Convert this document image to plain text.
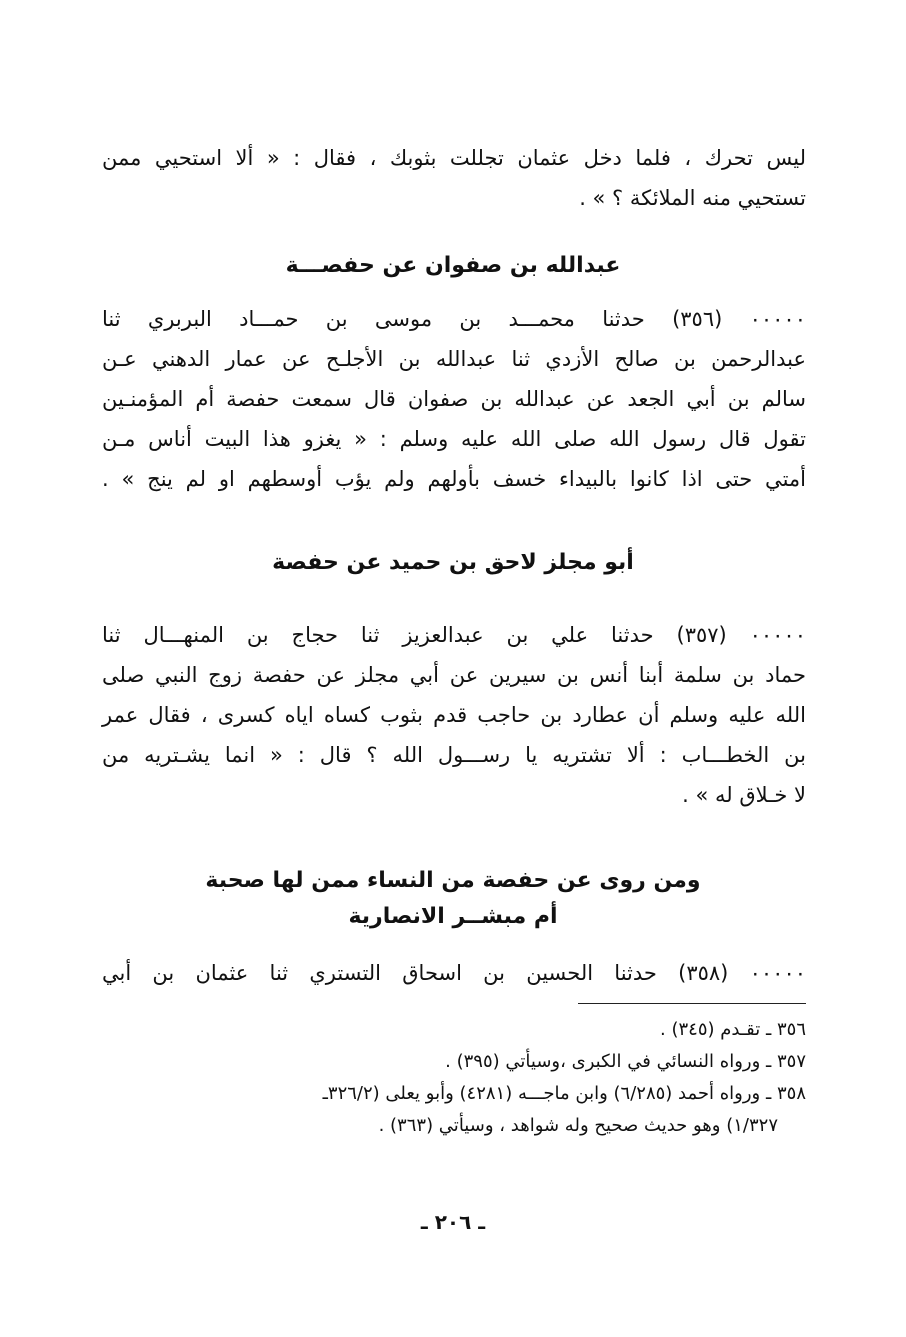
ليس تحرك ، فلما دخل عثمان تجللت بثوبك ، فقال : « ألا استحيي ممن
تستحيي منه الملائكة ؟ » .
عبدالله بن صفوان عن حفصـــة
٠٠٠٠٠ (٣٥٦) حدثنا محمـــد بن موسى بن حمـــاد البربري ثنا
عبدالرحمن بن صالح الأزدي ثنا عبدالله بن الأجلـح عن عمار الدهني عـن
سالم بن أبي الجعد عن عبدالله بن صفوان قال سمعت حفصة أم المؤمنـين
تقول قال رسول الله صلى الله عليه وسلم : « يغزو هذا البيت أناس مـن
أمتي حتى اذا كانوا بالبيداء خسف بأولهم ولم يؤب أوسطهم او لم ينج » .
أبو مجلز لاحق بن حميد عن حفصة
٠٠٠٠٠ (٣٥٧) حدثنا علي بن عبدالعزيز ثنا حجاج بن المنهـــال ثنا
حماد بن سلمة أبنا أنس بن سيرين عن أبي مجلز عن حفصة زوج النبي صلى
الله عليه وسلم أن عطارد بن حاجب قدم بثوب كساه اياه كسرى ، فقال عمر
بن الخطـــاب : ألا تشتريه يا رســـول الله ؟ قال : « انما يشـتريه من
لا خـلاق له » .
ومن روى عن حفصة من النساء ممن لها صحبة
أم مبشــر الانصارية
٠٠٠٠٠ (٣٥٨) حدثنا الحسين بن اسحاق التستري ثنا عثمان بن أبي
٣٥٦ ـ تقـدم (٣٤٥) .
٣٥٧ ـ ورواه النسائي في الكبرى ،وسيأتي (٣٩٥) .
٣٥٨ ـ ورواه أحمد (٦/٢٨٥) وابن ماجـــه (٤٢٨١) وأبو يعلى (٣٢٦/٢ـ
١/٣٢٧) وهو حديث صحيح وله شواهد ، وسيأتي (٣٦٣) .
ـ ٢٠٦ ـ
